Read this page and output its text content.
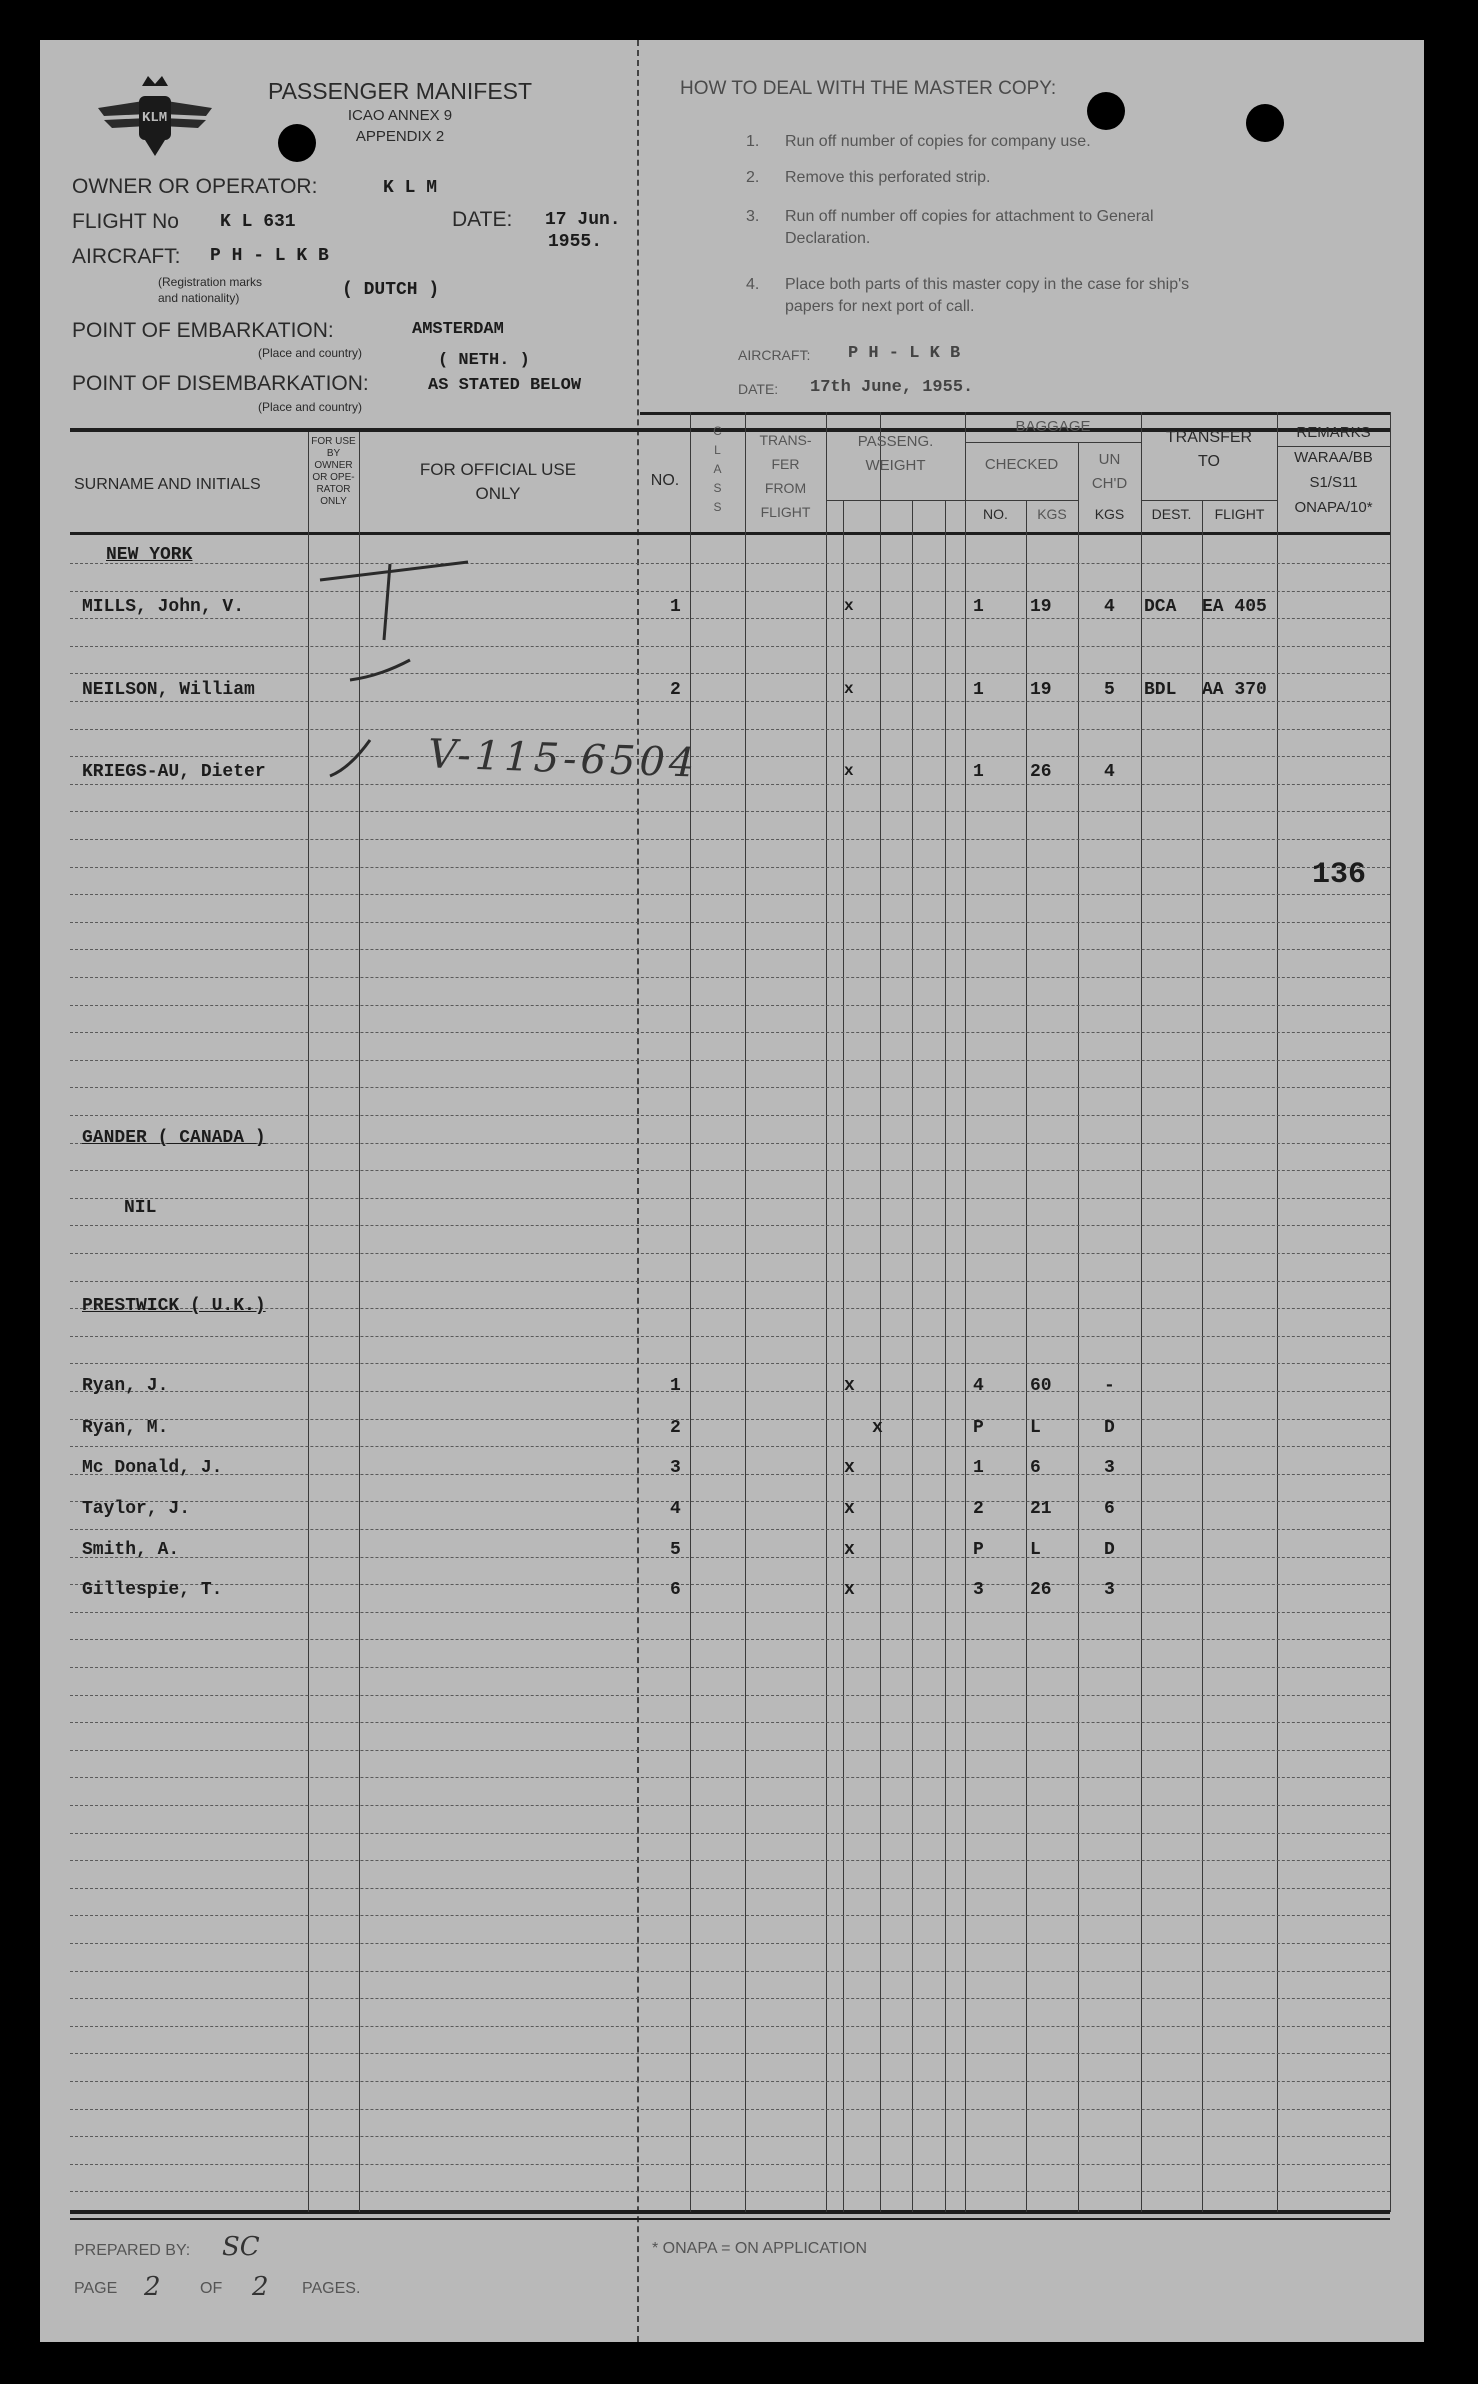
KLM
PASSENGER MANIFEST
ICAO ANNEX 9
APPENDIX 2
OWNER OR OPERATOR:	K L M
FLIGHT No K L 631	DATE: 17 Jun.
1955.
AIRCRAFT: P H - L K B
(Registration marks
and nationality)	( DUTCH )
POINT OF EMBARKATION:	AMSTERDAM
(Place and country)	( NETH. )
POINT OF DISEMBARKATION:	AS STATED BELOW
(Place and country)
HOW TO DEAL WITH THE MASTER COPY:
1. Run off number of copies for company use.
2. Remove this perforated strip.
3. Run off number off copies for attachment to General
Declaration.
4. Place both parts of this master copy in the case for ship's
papers for next port of call.
AIRCRAFT: P H - L K B
DATE: 17th June, 1955.
SURNAME AND INITIALS
FOR USE
BY
OWNER
OR OPE-
RATOR
ONLY
FOR OFFICIAL USE
ONLY
NO.
C
L
A
S
S
TRANS-
FER
FROM
FLIGHT
PASSENG.
WEIGHT
BAGGAGE
CHECKED	UN
CH'D
NO.	KGS	KGS
TRANSFER
TO
DEST.	FLIGHT
REMARKS
WARAA/BB
S1/S11
ONAPA/10*
NEW YORK
MILLS, John, V.	1	x	1	19	4 DCA EA 405
NEILSON, William	2	x	1	19	5 BDL AA 370
KRIEGS-AU, Dieter	V-115-6504	x	1	26	4
136
GANDER ( CANADA )
NIL
PRESTWICK ( U.K.)
Ryan, J.	1	x	4	60	-
Ryan, M.	2	x	P	L	D
Mc Donald, J.	3	x	1	6	3
Taylor, J.	4	x	2	21	6
Smith, A.	5	x	P	L	D
Gillespie, T.	6	x	3	26	3
PREPARED BY: SC
PAGE 2 OF 2 PAGES.
* ONAPA = ON APPLICATION
